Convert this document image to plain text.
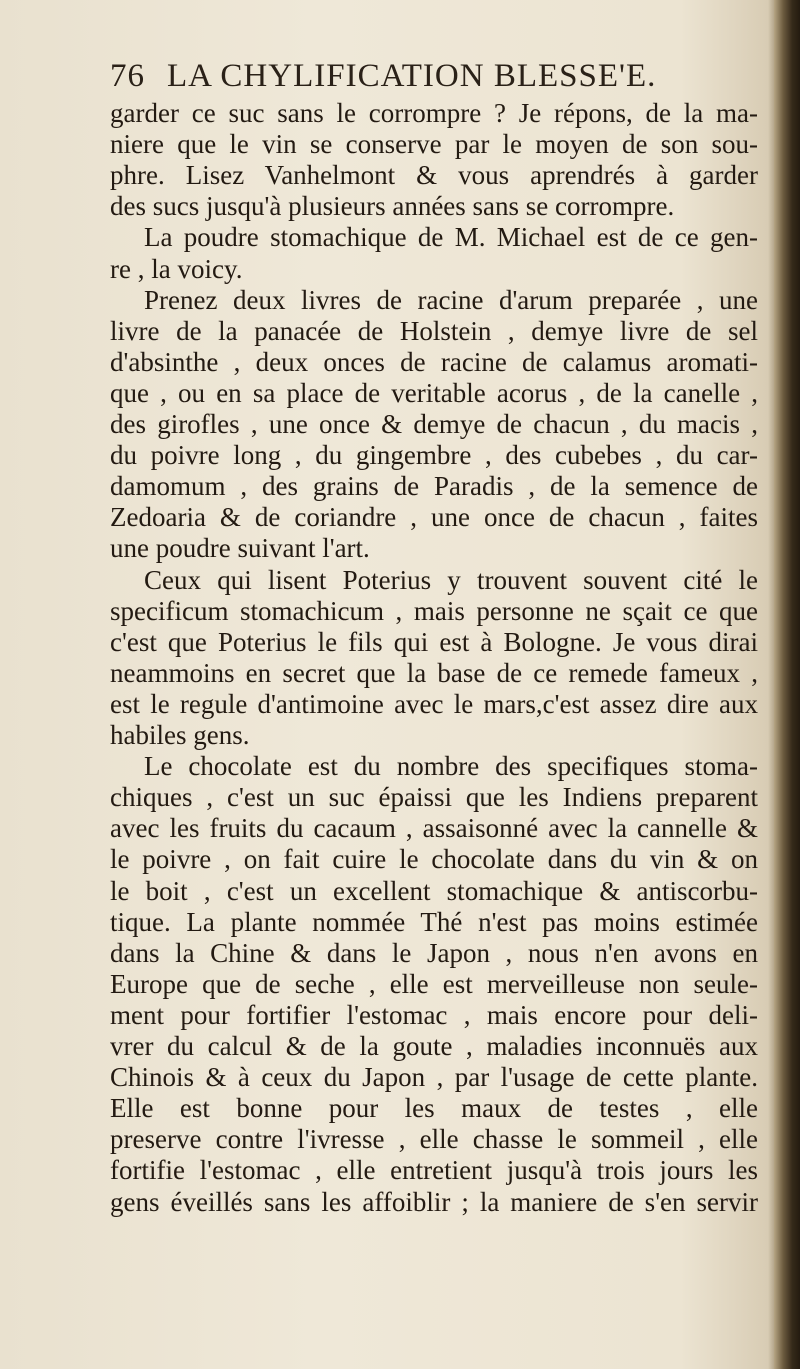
76 LA CHYLIFICATION BLESSE'E.
garder ce suc sans le corrompre ? Je répons, de la ma-
niere que le vin se conserve par le moyen de son sou-
phre. Lisez Vanhelmont & vous aprendrés à garder
des sucs jusqu'à plusieurs années sans se corrompre.
La poudre stomachique de M. Michael est de ce gen-
re , la voicy.
Prenez deux livres de racine d'arum preparée , une
livre de la panacée de Holstein , demye livre de sel
d'absinthe , deux onces de racine de calamus aromati-
que , ou en sa place de veritable acorus , de la canelle ,
des girofles , une once & demye de chacun , du macis ,
du poivre long , du gingembre , des cubebes , du car-
damomum , des grains de Paradis , de la semence de
Zedoaria & de coriandre , une once de chacun , faites
une poudre suivant l'art.
Ceux qui lisent Poterius y trouvent souvent cité le
specificum stomachicum , mais personne ne sçait ce que
c'est que Poterius le fils qui est à Bologne. Je vous dirai
neammoins en secret que la base de ce remede fameux ,
est le regule d'antimoine avec le mars,c'est assez dire aux
habiles gens.
Le chocolate est du nombre des specifiques stoma-
chiques , c'est un suc épaissi que les Indiens preparent
avec les fruits du cacaum , assaisonné avec la cannelle &
le poivre , on fait cuire le chocolate dans du vin & on
le boit , c'est un excellent stomachique & antiscorbu-
tique. La plante nommée Thé n'est pas moins estimée
dans la Chine & dans le Japon , nous n'en avons en
Europe que de seche , elle est merveilleuse non seule-
ment pour fortifier l'estomac , mais encore pour deli-
vrer du calcul & de la goute , maladies inconnuës aux
Chinois & à ceux du Japon , par l'usage de cette plante.
Elle est bonne pour les maux de testes , elle
preserve contre l'ivresse , elle chasse le sommeil , elle
fortifie l'estomac , elle entretient jusqu'à trois jours les
gens éveillés sans les affoiblir ; la maniere de s'en servir
